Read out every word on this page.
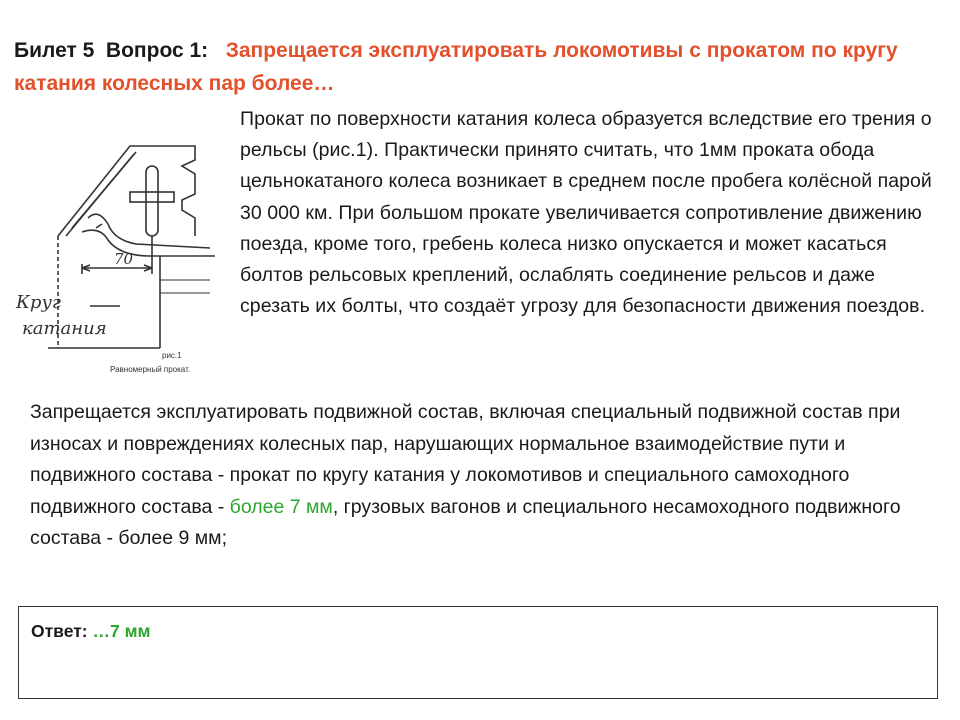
Билет 5  Вопрос 1: Запрещается эксплуатировать локомотивы с прокатом по кругу катания колесных пар более…
70
Круг
катания
рис.1
Равномерный прокат.
Прокат по поверхности катания колеса образуется вследствие его трения о рельсы (рис.1). Практически принято считать, что 1мм проката обода цельнокатаного колеса возникает в среднем после пробега колёсной парой 30 000 км. При большом прокате увеличивается сопротивление движению поезда, кроме того, гребень колеса низко опускается и может касаться болтов рельсовых креплений, ослаблять соединение рельсов и даже срезать их болты, что создаёт угрозу для безопасности движения поездов.
Запрещается эксплуатировать подвижной состав, включая специальный подвижной состав при износах и повреждениях колесных пар, нарушающих нормальное взаимодействие пути и подвижного состава - прокат по кругу катания у локомотивов и специального самоходного подвижного состава - более 7 мм, грузовых вагонов и специального несамоходного подвижного состава - более 9 мм;
Ответ: …7 мм
